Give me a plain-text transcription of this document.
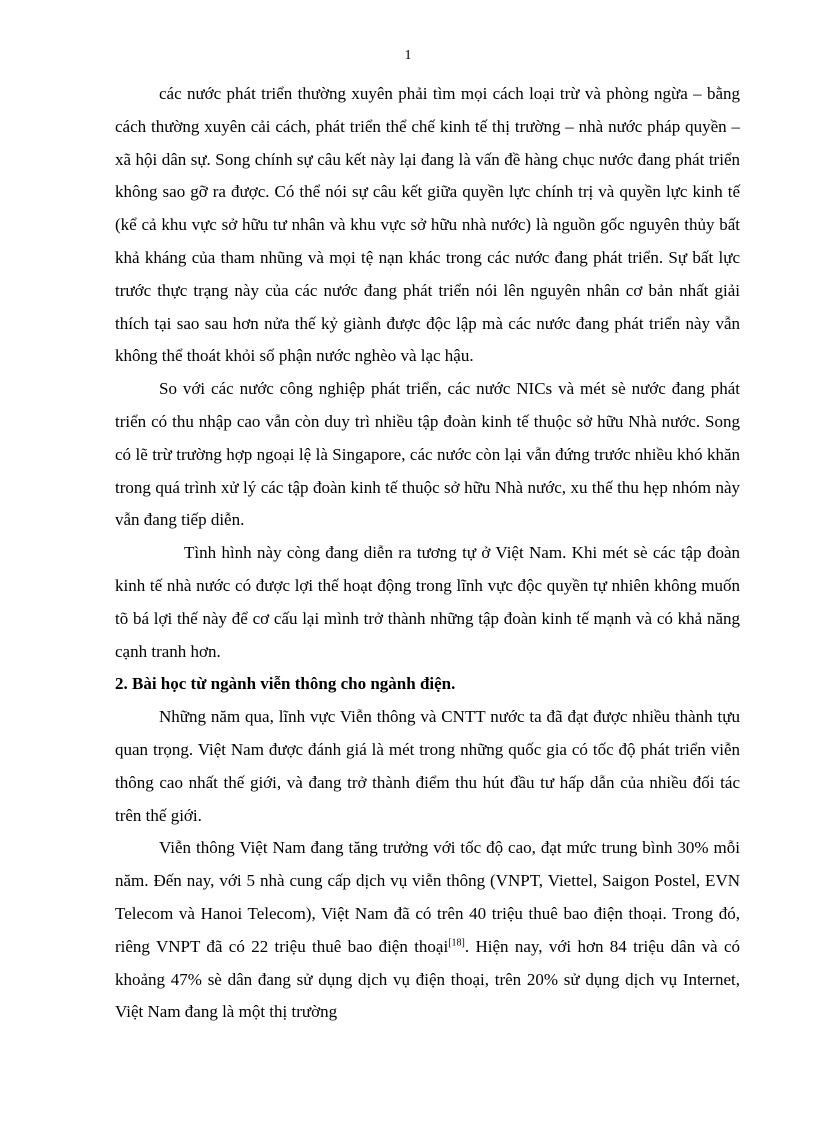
1

các nước phát triển thường xuyên phải tìm mọi cách loại trừ và phòng ngừa – bằng cách thường xuyên cải cách, phát triển thể chế kinh tế thị trường – nhà nước pháp quyền – xã hội dân sự. Song chính sự câu kết này lại đang là vấn đề hàng chục nước đang phát triển không sao gỡ ra được. Có thể nói sự câu kết giữa quyền lực chính trị và quyền lực kinh tế (kể cả khu vực sở hữu tư nhân và khu vực sở hữu nhà nước) là nguồn gốc nguyên thủy bất khả kháng của tham nhũng và mọi tệ nạn khác trong các nước đang phát triển. Sự bất lực trước thực trạng này của các nước đang phát triển nói lên nguyên nhân cơ bản nhất giải thích tại sao sau hơn nửa thế kỷ giành được độc lập mà các nước đang phát triển này vẫn không thể thoát khỏi số phận nước nghèo và lạc hậu.

So với các nước công nghiệp phát triển, các nước NICs và mét sè nước đang phát triển có thu nhập cao vẫn còn duy trì nhiều tập đoàn kinh tế thuộc sở hữu Nhà nước. Song có lẽ trừ trường hợp ngoại lệ là Singapore, các nước còn lại vẫn đứng trước nhiều khó khăn trong quá trình xử lý các tập đoàn kinh tế thuộc sở hữu Nhà nước, xu thế thu hẹp nhóm này vẫn đang tiếp diễn.

Tình hình này còng đang diễn ra tương tự ở Việt Nam. Khi mét sè các tập đoàn kinh tế nhà nước có được lợi thế hoạt động trong lĩnh vực độc quyền tự nhiên không muốn tõ bá lợi thế này để cơ cấu lại mình trở thành những tập đoàn kinh tế mạnh và có khả năng cạnh tranh hơn.

2. Bài học từ ngành viễn thông cho ngành điện.

Những năm qua, lĩnh vực Viễn thông và CNTT nước ta đã đạt được nhiều thành tựu quan trọng. Việt Nam được đánh giá là mét trong những quốc gia có tốc độ phát triển viễn thông cao nhất thế giới, và đang trở thành điểm thu hút đầu tư hấp dẫn của nhiều đối tác trên thế giới.

Viễn thông Việt Nam đang tăng trưởng với tốc độ cao, đạt mức trung bình 30% mỗi năm. Đến nay, với 5 nhà cung cấp dịch vụ viễn thông (VNPT, Viettel, Saigon Postel, EVN Telecom và Hanoi Telecom), Việt Nam đã có trên 40 triệu thuê bao điện thoại. Trong đó, riêng VNPT đã có 22 triệu thuê bao điện thoại[18]. Hiện nay, với hơn 84 triệu dân và có khoảng 47% sè dân đang sử dụng dịch vụ điện thoại, trên 20% sử dụng dịch vụ Internet, Việt Nam đang là một thị trường
